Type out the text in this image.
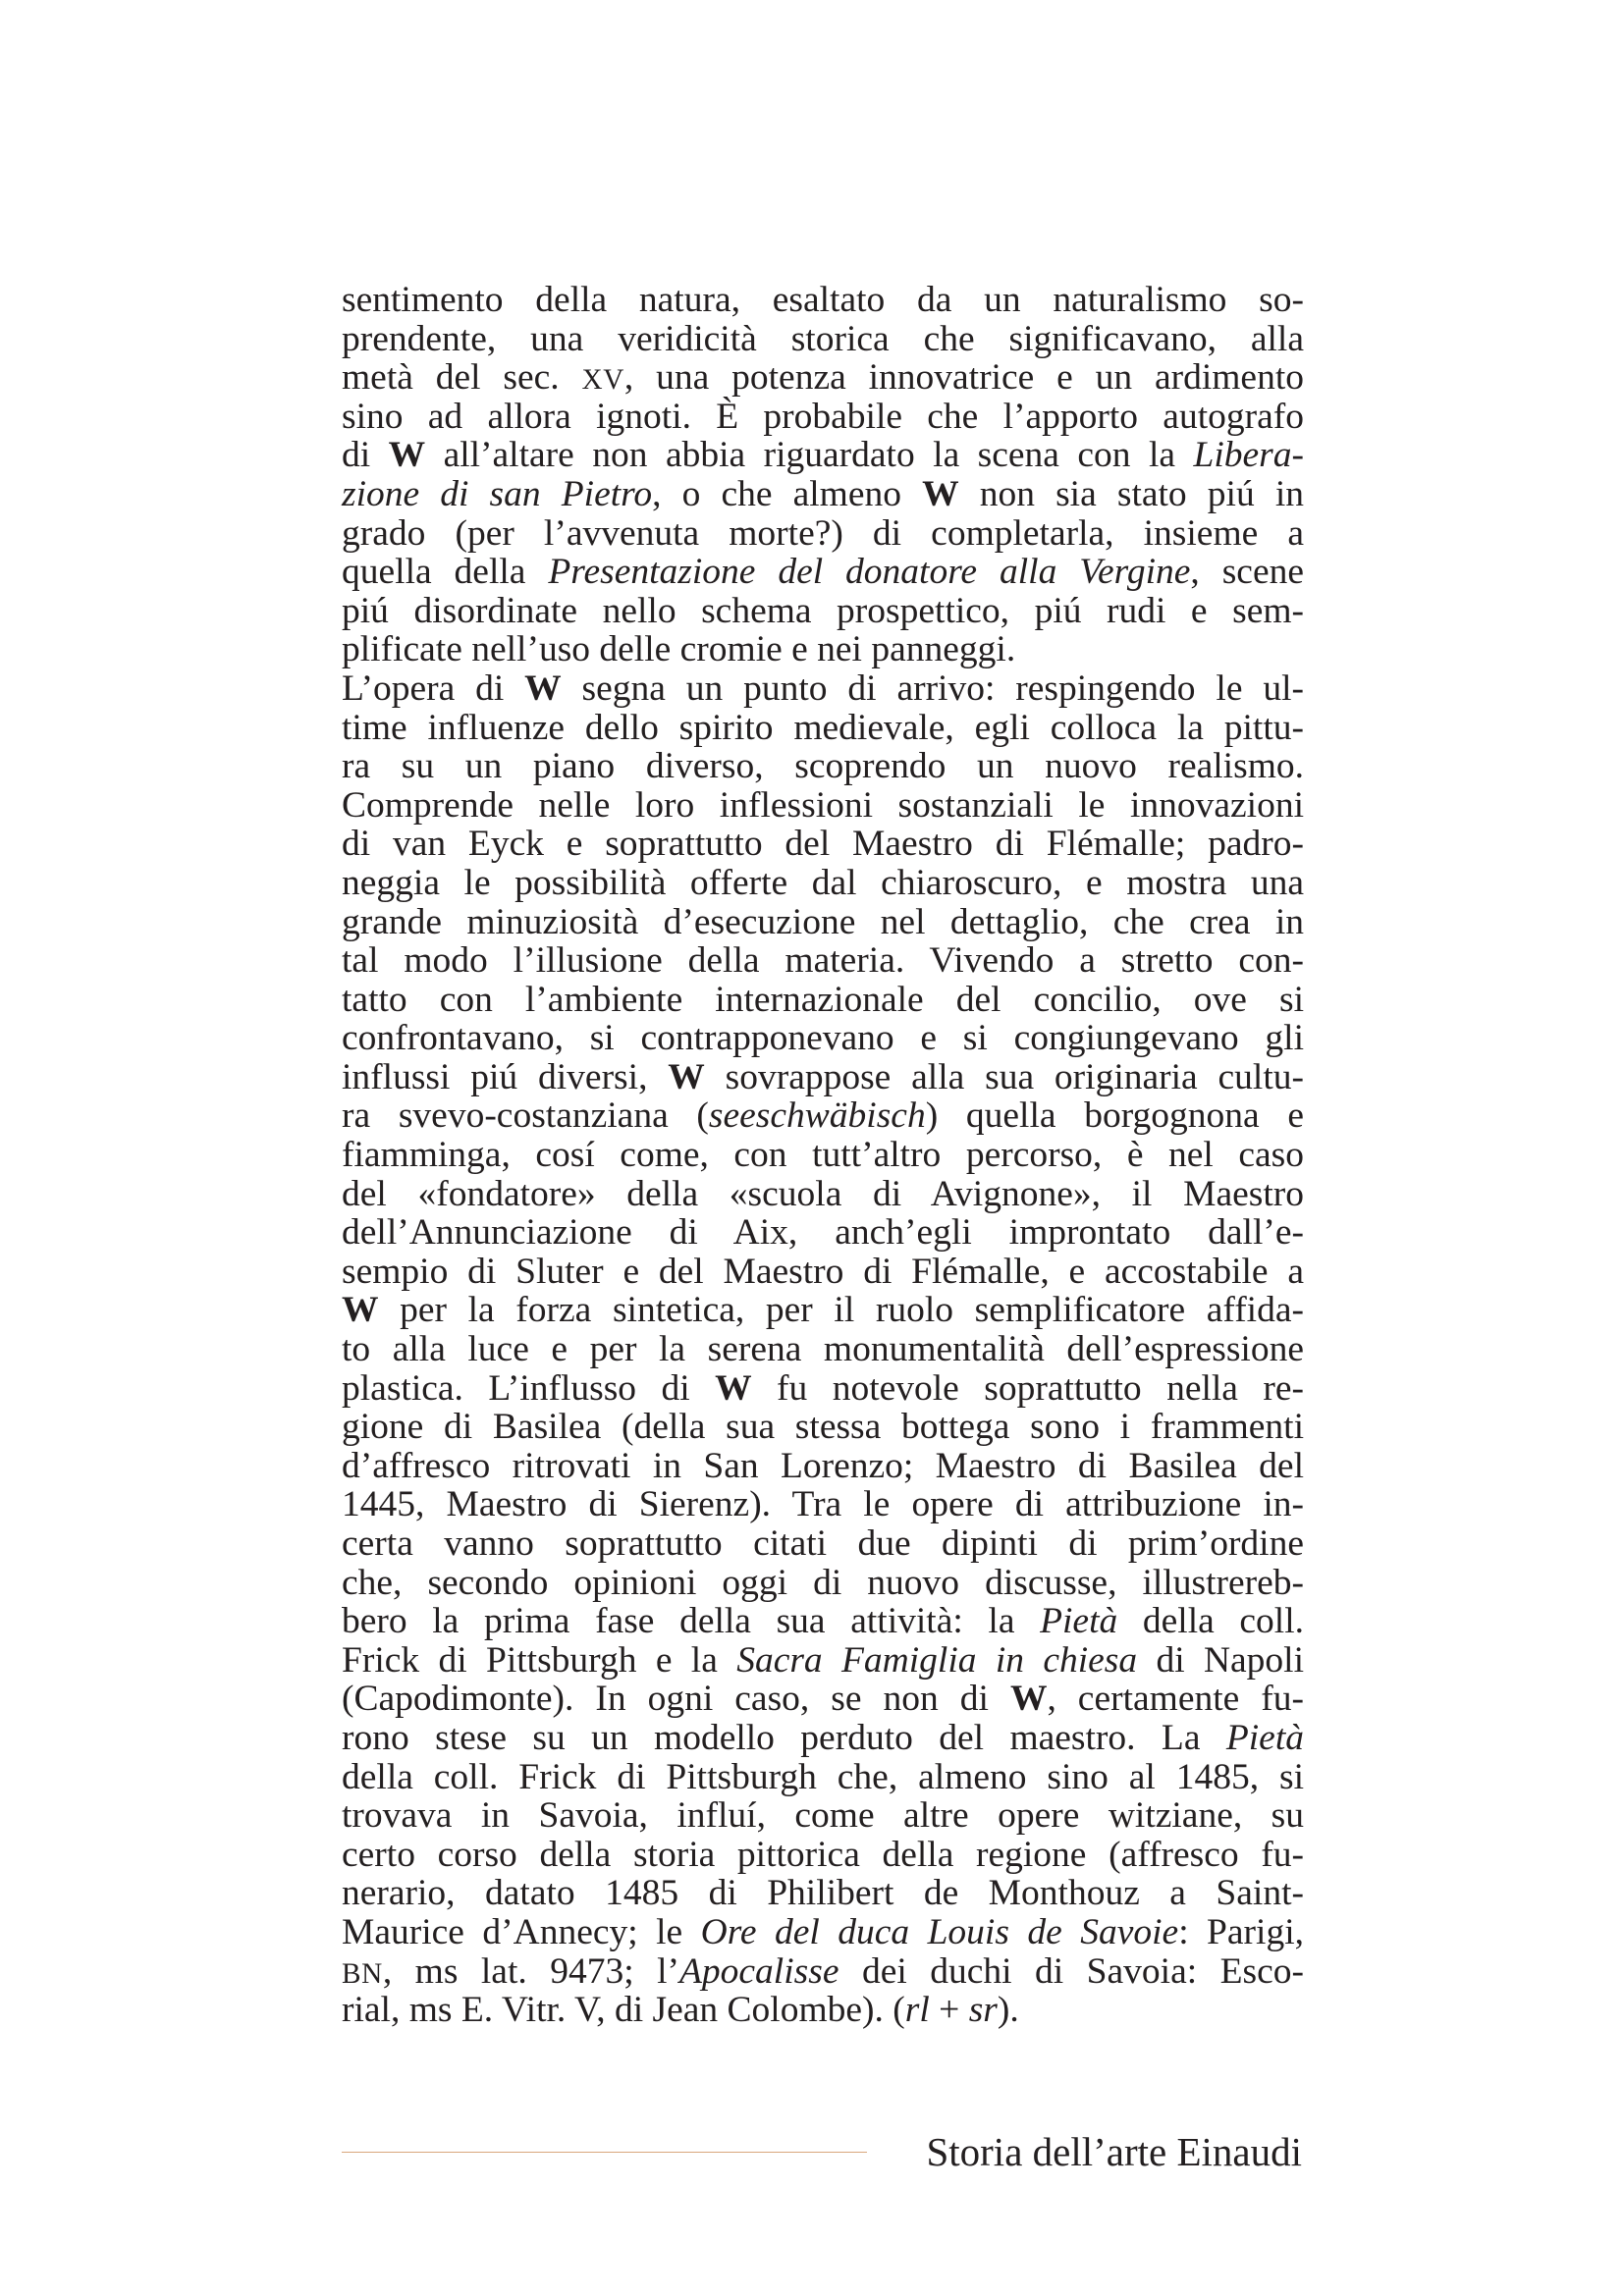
sentimento della natura, esaltato da un naturalismo so-
prendente, una veridicità storica che significavano, alla
metà del sec. XV, una potenza innovatrice e un ardimento
sino ad allora ignoti. È probabile che l’apporto autografo
di W all’altare non abbia riguardato la scena con la Libera-
zione di san Pietro, o che almeno W non sia stato piú in
grado (per l’avvenuta morte?) di completarla, insieme a
quella della Presentazione del donatore alla Vergine, scene
piú disordinate nello schema prospettico, piú rudi e sem-
plificate nell’uso delle cromie e nei panneggi.
L’opera di W segna un punto di arrivo: respingendo le ul-
time influenze dello spirito medievale, egli colloca la pittu-
ra su un piano diverso, scoprendo un nuovo realismo.
Comprende nelle loro inflessioni sostanziali le innovazioni
di van Eyck e soprattutto del Maestro di Flémalle; padro-
neggia le possibilità offerte dal chiaroscuro, e mostra una
grande minuziosità d’esecuzione nel dettaglio, che crea in
tal modo l’illusione della materia. Vivendo a stretto con-
tatto con l’ambiente internazionale del concilio, ove si
confrontavano, si contrapponevano e si congiungevano gli
influssi piú diversi, W sovrappose alla sua originaria cultu-
ra svevo-costanziana (seeschwäbisch) quella borgognona e
fiamminga, cosí come, con tutt’altro percorso, è nel caso
del «fondatore» della «scuola di Avignone», il Maestro
dell’Annunciazione di Aix, anch’egli improntato dall’e-
sempio di Sluter e del Maestro di Flémalle, e accostabile a
W per la forza sintetica, per il ruolo semplificatore affida-
to alla luce e per la serena monumentalità dell’espressione
plastica. L’influsso di W fu notevole soprattutto nella re-
gione di Basilea (della sua stessa bottega sono i frammenti
d’affresco ritrovati in San Lorenzo; Maestro di Basilea del
1445, Maestro di Sierenz). Tra le opere di attribuzione in-
certa vanno soprattutto citati due dipinti di prim’ordine
che, secondo opinioni oggi di nuovo discusse, illustrereb-
bero la prima fase della sua attività: la Pietà della coll.
Frick di Pittsburgh e la Sacra Famiglia in chiesa di Napoli
(Capodimonte). In ogni caso, se non di W, certamente fu-
rono stese su un modello perduto del maestro. La Pietà
della coll. Frick di Pittsburgh che, almeno sino al 1485, si
trovava in Savoia, influí, come altre opere witziane, su
certo corso della storia pittorica della regione (affresco fu-
nerario, datato 1485 di Philibert de Monthouz a Saint-
Maurice d’Annecy; le Ore del duca Louis de Savoie: Parigi,
BN, ms lat. 9473; l’Apocalisse dei duchi di Savoia: Esco-
rial, ms E. Vitr. V, di Jean Colombe). (rl + sr).
Storia dell’arte Einaudi
